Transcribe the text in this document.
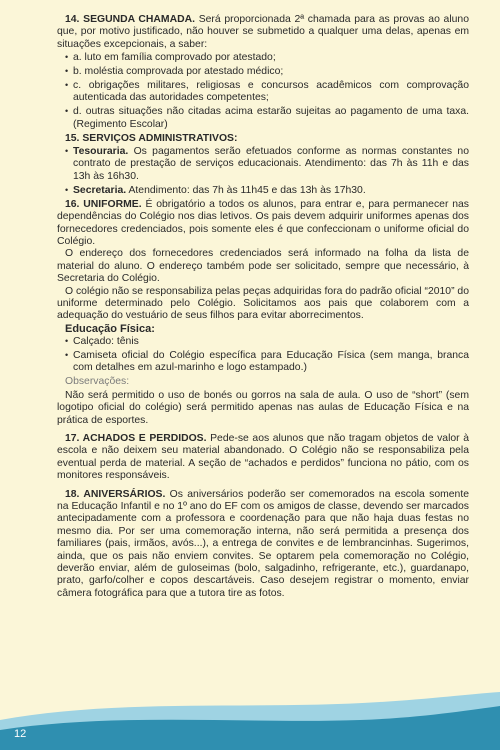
14. SEGUNDA CHAMADA. Será proporcionada 2ª chamada para as provas ao aluno que, por motivo justificado, não houver se submetido a qualquer uma delas, apenas em situações excepcionais, a saber:

• a. luto em família comprovado por atestado;
• b. moléstia comprovada por atestado médico;
• c. obrigações militares, religiosas e concursos acadêmicos com comprovação autenticada das autoridades competentes;
• d. outras situações não citadas acima estarão sujeitas ao pagamento de uma taxa. (Regimento Escolar)

15. SERVIÇOS ADMINISTRATIVOS:

• Tesouraria. Os pagamentos serão efetuados conforme as normas constantes no contrato de prestação de serviços educacionais. Atendimento: das 7h às 11h e das 13h às 16h30.
• Secretaria. Atendimento: das 7h às 11h45 e das 13h às 17h30.

16. UNIFORME. É obrigatório a todos os alunos, para entrar e, para permanecer nas dependências do Colégio nos dias letivos. Os pais devem adquirir uniformes apenas dos fornecedores credenciados, pois somente eles é que confeccionam o uniforme oficial do Colégio.

O endereço dos fornecedores credenciados será informado na folha da lista de material do aluno. O endereço também pode ser solicitado, sempre que necessário, à Secretaria do Colégio.

O colégio não se responsabiliza pelas peças adquiridas fora do padrão oficial “2010” do uniforme determinado pelo Colégio. Solicitamos aos pais que colaborem com a adequação do vestuário de seus filhos para evitar aborrecimentos.

Educação Física:

• Calçado: tênis
• Camiseta oficial do Colégio específica para Educação Física (sem manga, branca com detalhes em azul-marinho e logo estampado.)

Observações:

Não será permitido o uso de bonés ou gorros na sala de aula. O uso de “short” (sem logotipo oficial do colégio) será permitido apenas nas aulas de Educação Física e na prática de esportes.

17. ACHADOS E PERDIDOS. Pede-se aos alunos que não tragam objetos de valor à escola e não deixem seu material abandonado. O Colégio não se responsabiliza pela eventual perda de material. A seção de “achados e perdidos” funciona no pátio, com os monitores responsáveis.

18. ANIVERSÁRIOS. Os aniversários poderão ser comemorados na escola somente na Educação Infantil e no 1º ano do EF com os amigos de classe, devendo ser marcados antecipadamente com a professora e coordenação para que não haja duas festas no mesmo dia. Por ser uma comemoração interna, não será permitida a presença dos familiares (pais, irmãos, avós...), a entrega de convites e de lembrancinhas. Sugerimos, ainda, que os pais não enviem convites. Se optarem pela comemoração no Colégio, deverão enviar, além de guloseimas (bolo, salgadinho, refrigerante, etc.), guardanapo, prato, garfo/colher e copos descartáveis. Caso desejem registrar o momento, enviar câmera fotográfica para que a tutora tire as fotos.

12
